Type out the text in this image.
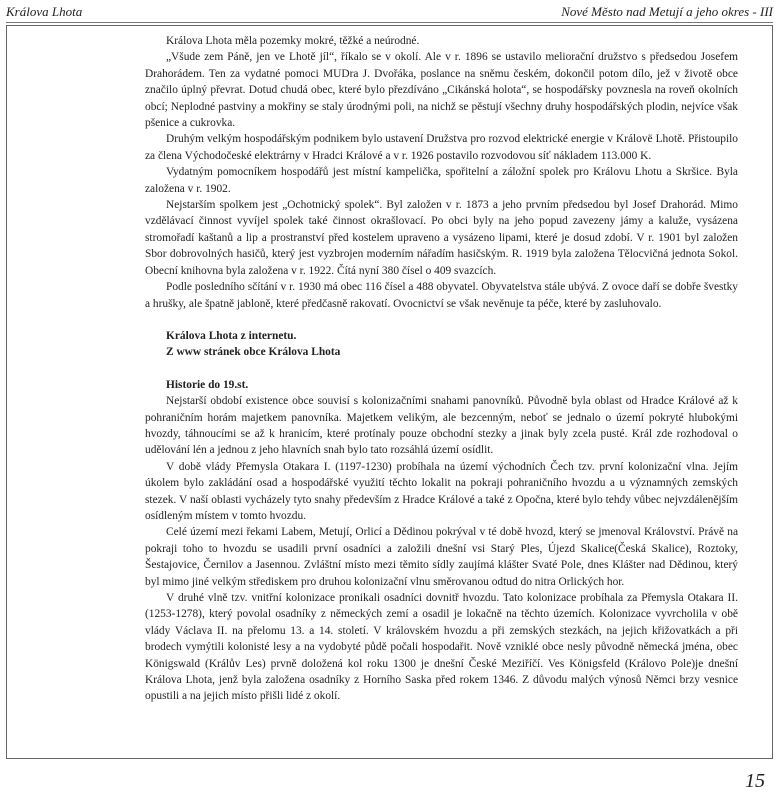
Králova Lhota	Nové Město nad Metují a jeho okres - III

Králova Lhota měla pozemky mokré, těžké a neúrodné.

„Všude zem Páně, jen ve Lhotě jíl“, říkalo se v okolí. Ale v r. 1896 se ustavilo meliorační družstvo s předsedou Josefem Drahorádem. Ten za vydatné pomoci MUDra J. Dvořáka, poslance na sněmu českém, dokončil potom dílo, jež v životě obce značilo úplný převrat. Dotud chudá obec, které bylo přezdíváno „Cikánská holota“, se hospodářsky povznesla na roveň okolních obcí; Neplodné pastviny a mokřiny se staly úrodnými poli, na nichž se pěstují všechny druhy hospodářských plodin, nejvíce však pšenice a cukrovka.

Druhým velkým hospodářským podnikem bylo ustavení Družstva pro rozvod elektrické energie v Královë Lhotě. Přistoupilo za člena Východočeské elektrárny v Hradci Králové a v r. 1926 postavilo rozvodovou síť nákladem 113.000 K.

Vydatným pomocníkem hospodářů jest místní kampelička, spořitelní a záložní spolek pro Královu Lhotu a Skršice. Byla založena v r. 1902.

Nejstarším spolkem jest „Ochotnický spolek“. Byl založen v r. 1873 a jeho prvním předsedou byl Josef Drahorád. Mimo vzdělávací činnost vyvíjel spolek také činnost okrašlovací. Po obci byly na jeho popud zavezeny jámy a kaluže, vysázena stromořadí kaštanů a lip a prostranství před kostelem upraveno a vysázeno lipami, které je dosud zdobí. V r. 1901 byl založen Sbor dobrovolných hasičů, který jest vyzbrojen moderním nářadím hasičským. R. 1919 byla založena Tělocvičná jednota Sokol. Obecní knihovna byla založena v r. 1922. Čítá nyní 380 čísel o 409 svazcích.

Podle posledního sčítání v r. 1930 má obec 116 čísel a 488 obyvatel. Obyvatelstva stále ubývá. Z ovoce daří se dobře švestky a hrušky, ale špatně jabloně, které předčasně rakovatí. Ovocnictví se však nevěnuje ta péče, které by zasluhovalo.

Králova Lhota z internetu.

Z www stránek obce Králova Lhota

Historie do 19.st.

Nejstarší období existence obce souvisí s kolonizačními snahami panovníků. Původně byla oblast od Hradce Králové až k pohraničním horám majetkem panovníka. Majetkem velikým, ale bezcenným, neboť se jednalo o území pokryté hlubokými hvozdy, táhnoucími se až k hranicím, které protínaly pouze obchodní stezky a jinak byly zcela pusté. Král zde rozhodoval o udělování lén a jednou z jeho hlavních snah bylo tato rozsáhlá území osídlit.

V době vlády Přemysla Otakara I. (1197-1230) probíhala na území východních Čech tzv. první kolonizační vlna. Jejím úkolem bylo zakládání osad a hospodářské využití těchto lokalit na pokraji pohraničního hvozdu a u významných zemských stezek. V naší oblasti vycházely tyto snahy především z Hradce Králové a také z Opočna, které bylo tehdy vůbec nejvzdálenějším osídleným místem v tomto hvozdu.

Celé území mezi řekami Labem, Metují, Orlicí a Dědinou pokrýval v té době hvozd, který se jmenoval Království. Právě na pokraji toho to hvozdu se usadili první osadníci a založili dnešní vsi Starý Ples, Újezd Skalice(Česká Skalice), Roztoky, Šestajovice, Černilov a Jasennou. Zvláštní místo mezi těmito sídly zaujímá klášter Svaté Pole, dnes Klášter nad Dědinou, který byl mimo jiné velkým střediskem pro druhou kolonizační vlnu směrovanou odtud do nitra Orlických hor.

V druhé vlně tzv. vnitřní kolonizace pronikali osadníci dovnitř hvozdu. Tato kolonizace probíhala za Přemysla Otakara II.(1253-1278), který povolal osadníky z německých zemí a osadil je lokačně na těchto územích. Kolonizace vyvrcholila v obě vlády Václava II. na přelomu 13. a 14. století. V královském hvozdu a při zemských stezkách, na jejich křižovatkách a při brodech vymýtili kolonisté lesy a na vydobyté půdě počali hospodařit. Nově vzniklé obce nesly původně německá jména, obec Königswald (Králův Les) prvně doložená kol roku 1300 je dnešní České Meziříčí. Ves Königsfeld (Královo Pole)je dnešní Králova Lhota, jenž byla založena osadníky z Horního Saska před rokem 1346. Z důvodu malých výnosů Němci brzy vesnice opustili a na jejich místo přišli lidé z okolí.

15
